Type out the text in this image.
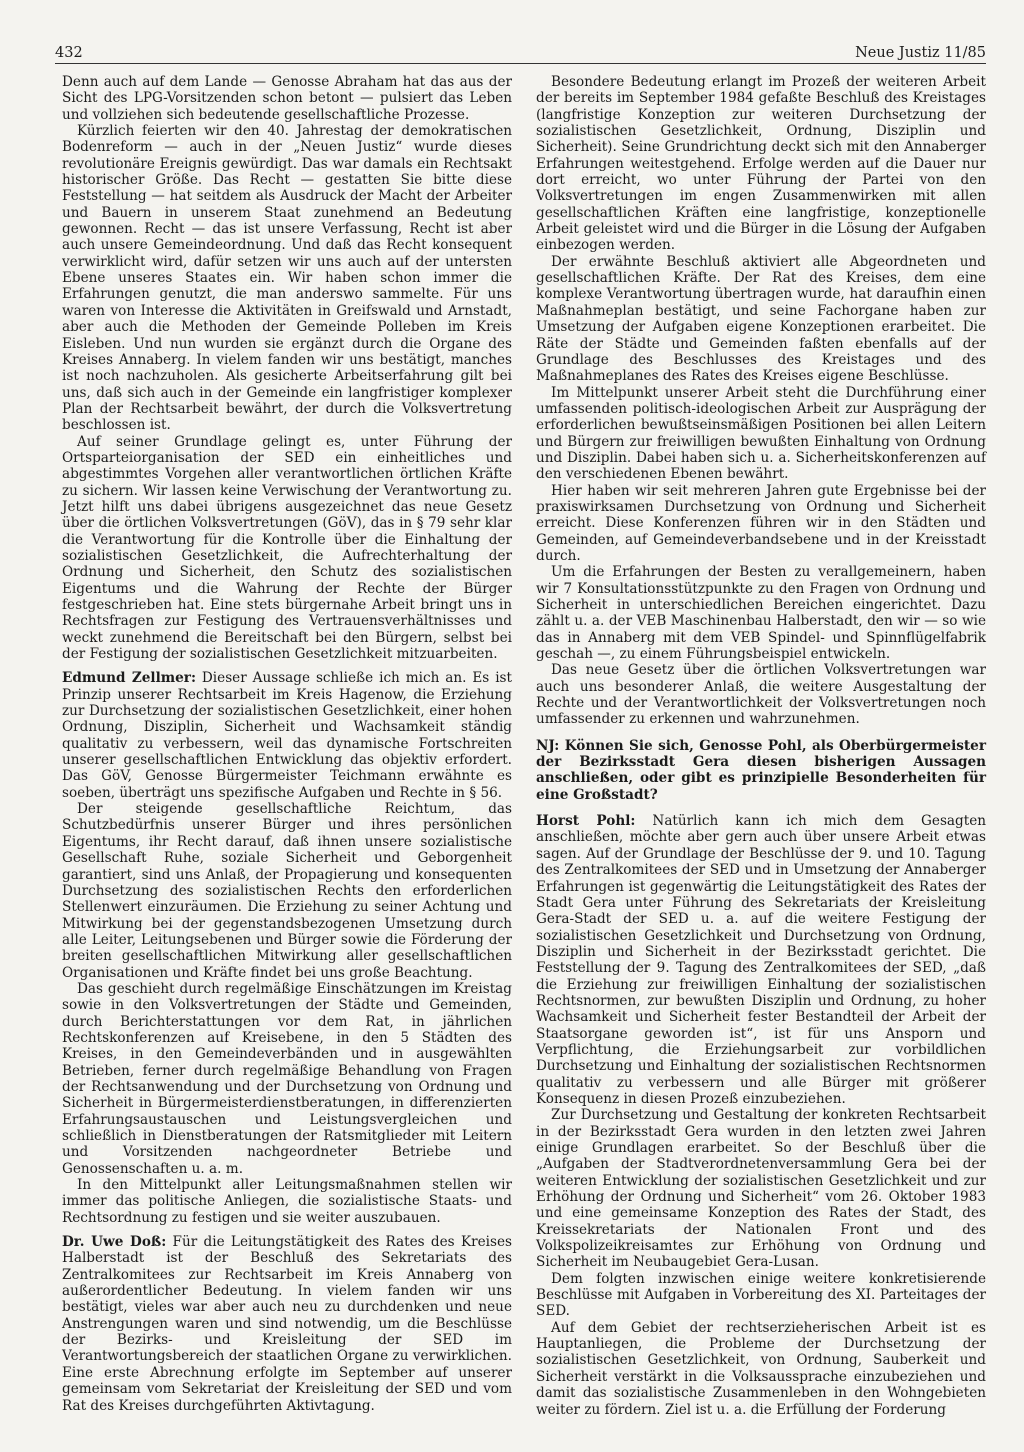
432	Neue Justiz 11/85

Denn auch auf dem Lande — Genosse Abraham hat das aus der Sicht des LPG-Vorsitzenden schon betont — pulsiert das Leben und vollziehen sich bedeutende gesellschaftliche Prozesse.

Kürzlich feierten wir den 40. Jahrestag der demokratischen Bodenreform — auch in der „Neuen Justiz“ wurde dieses revolutionäre Ereignis gewürdigt. Das war damals ein Rechtsakt historischer Größe. Das Recht — gestatten Sie bitte diese Feststellung — hat seitdem als Ausdruck der Macht der Arbeiter und Bauern in unserem Staat zunehmend an Bedeutung gewonnen. Recht — das ist unsere Verfassung, Recht ist aber auch unsere Gemeindeordnung. Und daß das Recht konsequent verwirklicht wird, dafür setzen wir uns auch auf der untersten Ebene unseres Staates ein. Wir haben schon immer die Erfahrungen genutzt, die man anderswo sammelte. Für uns waren von Interesse die Aktivitäten in Greifswald und Arnstadt, aber auch die Methoden der Gemeinde Polleben im Kreis Eisleben. Und nun wurden sie ergänzt durch die Organe des Kreises Annaberg. In vielem fanden wir uns bestätigt, manches ist noch nachzuholen. Als gesicherte Arbeitserfahrung gilt bei uns, daß sich auch in der Gemeinde ein langfristiger komplexer Plan der Rechtsarbeit bewährt, der durch die Volksvertretung beschlossen ist.

Auf seiner Grundlage gelingt es, unter Führung der Ortsparteiorganisation der SED ein einheitliches und abgestimmtes Vorgehen aller verantwortlichen örtlichen Kräfte zu sichern. Wir lassen keine Verwischung der Verantwortung zu. Jetzt hilft uns dabei übrigens ausgezeichnet das neue Gesetz über die örtlichen Volksvertretungen (GöV), das in § 79 sehr klar die Verantwortung für die Kontrolle über die Einhaltung der sozialistischen Gesetzlichkeit, die Aufrechterhaltung der Ordnung und Sicherheit, den Schutz des sozialistischen Eigentums und die Wahrung der Rechte der Bürger festgeschrieben hat. Eine stets bürgernahe Arbeit bringt uns in Rechtsfragen zur Festigung des Vertrauensverhältnisses und weckt zunehmend die Bereitschaft bei den Bürgern, selbst bei der Festigung der sozialistischen Gesetzlichkeit mitzuarbeiten.

Edmund Zellmer: Dieser Aussage schließe ich mich an. Es ist Prinzip unserer Rechtsarbeit im Kreis Hagenow, die Erziehung zur Durchsetzung der sozialistischen Gesetzlichkeit, einer hohen Ordnung, Disziplin, Sicherheit und Wachsamkeit ständig qualitativ zu verbessern, weil das dynamische Fortschreiten unserer gesellschaftlichen Entwicklung das objektiv erfordert. Das GöV, Genosse Bürgermeister Teichmann erwähnte es soeben, überträgt uns spezifische Aufgaben und Rechte in § 56.

Der steigende gesellschaftliche Reichtum, das Schutzbedürfnis unserer Bürger und ihres persönlichen Eigentums, ihr Recht darauf, daß ihnen unsere sozialistische Gesellschaft Ruhe, soziale Sicherheit und Geborgenheit garantiert, sind uns Anlaß, der Propagierung und konsequenten Durchsetzung des sozialistischen Rechts den erforderlichen Stellenwert einzuräumen. Die Erziehung zu seiner Achtung und Mitwirkung bei der gegenstandsbezogenen Umsetzung durch alle Leiter, Leitungsebenen und Bürger sowie die Förderung der breiten gesellschaftlichen Mitwirkung aller gesellschaftlichen Organisationen und Kräfte findet bei uns große Beachtung.

Das geschieht durch regelmäßige Einschätzungen im Kreistag sowie in den Volksvertretungen der Städte und Gemeinden, durch Berichterstattungen vor dem Rat, in jährlichen Rechtskonferenzen auf Kreisebene, in den 5 Städten des Kreises, in den Gemeindeverbänden und in ausgewählten Betrieben, ferner durch regelmäßige Behandlung von Fragen der Rechtsanwendung und der Durchsetzung von Ordnung und Sicherheit in Bürgermeisterdienstberatungen, in differenzierten Erfahrungsaustauschen und Leistungsvergleichen und schließlich in Dienstberatungen der Ratsmitglieder mit Leitern und Vorsitzenden nachgeordneter Betriebe und Genossenschaften u. a. m.

In den Mittelpunkt aller Leitungsmaßnahmen stellen wir immer das politische Anliegen, die sozialistische Staats- und Rechtsordnung zu festigen und sie weiter auszubauen.

Dr. Uwe Doß: Für die Leitungstätigkeit des Rates des Kreises Halberstadt ist der Beschluß des Sekretariats des Zentralkomitees zur Rechtsarbeit im Kreis Annaberg von außerordentlicher Bedeutung. In vielem fanden wir uns bestätigt, vieles war aber auch neu zu durchdenken und neue Anstrengungen waren und sind notwendig, um die Beschlüsse der Bezirks- und Kreisleitung der SED im Verantwortungsbereich der staatlichen Organe zu verwirklichen. Eine erste Abrechnung erfolgte im September auf unserer gemeinsam vom Sekretariat der Kreisleitung der SED und vom Rat des Kreises durchgeführten Aktivtagung.

Besondere Bedeutung erlangt im Prozeß der weiteren Arbeit der bereits im September 1984 gefaßte Beschluß des Kreistages (langfristige Konzeption zur weiteren Durchsetzung der sozialistischen Gesetzlichkeit, Ordnung, Disziplin und Sicherheit). Seine Grundrichtung deckt sich mit den Annaberger Erfahrungen weitestgehend. Erfolge werden auf die Dauer nur dort erreicht, wo unter Führung der Partei von den Volksvertretungen im engen Zusammenwirken mit allen gesellschaftlichen Kräften eine langfristige, konzeptionelle Arbeit geleistet wird und die Bürger in die Lösung der Aufgaben einbezogen werden.

Der erwähnte Beschluß aktiviert alle Abgeordneten und gesellschaftlichen Kräfte. Der Rat des Kreises, dem eine komplexe Verantwortung übertragen wurde, hat daraufhin einen Maßnahmeplan bestätigt, und seine Fachorgane haben zur Umsetzung der Aufgaben eigene Konzeptionen erarbeitet. Die Räte der Städte und Gemeinden faßten ebenfalls auf der Grundlage des Beschlusses des Kreistages und des Maßnahmeplanes des Rates des Kreises eigene Beschlüsse.

Im Mittelpunkt unserer Arbeit steht die Durchführung einer umfassenden politisch-ideologischen Arbeit zur Ausprägung der erforderlichen bewußtseinsmäßigen Positionen bei allen Leitern und Bürgern zur freiwilligen bewußten Einhaltung von Ordnung und Disziplin. Dabei haben sich u. a. Sicherheitskonferenzen auf den verschiedenen Ebenen bewährt.

Hier haben wir seit mehreren Jahren gute Ergebnisse bei der praxiswirksamen Durchsetzung von Ordnung und Sicherheit erreicht. Diese Konferenzen führen wir in den Städten und Gemeinden, auf Gemeindeverbandsebene und in der Kreisstadt durch.

Um die Erfahrungen der Besten zu verallgemeinern, haben wir 7 Konsultationsstützpunkte zu den Fragen von Ordnung und Sicherheit in unterschiedlichen Bereichen eingerichtet. Dazu zählt u. a. der VEB Maschinenbau Halberstadt, den wir — so wie das in Annaberg mit dem VEB Spindel- und Spinnflügelfabrik geschah —, zu einem Führungsbeispiel entwickeln.

Das neue Gesetz über die örtlichen Volksvertretungen war auch uns besonderer Anlaß, die weitere Ausgestaltung der Rechte und der Verantwortlichkeit der Volksvertretungen noch umfassender zu erkennen und wahrzunehmen.

NJ: Können Sie sich, Genosse Pohl, als Oberbürgermeister der Bezirksstadt Gera diesen bisherigen Aussagen anschließen, oder gibt es prinzipielle Besonderheiten für eine Großstadt?

Horst Pohl: Natürlich kann ich mich dem Gesagten anschließen, möchte aber gern auch über unsere Arbeit etwas sagen. Auf der Grundlage der Beschlüsse der 9. und 10. Tagung des Zentralkomitees der SED und in Umsetzung der Annaberger Erfahrungen ist gegenwärtig die Leitungstätigkeit des Rates der Stadt Gera unter Führung des Sekretariats der Kreisleitung Gera-Stadt der SED u. a. auf die weitere Festigung der sozialistischen Gesetzlichkeit und Durchsetzung von Ordnung, Disziplin und Sicherheit in der Bezirksstadt gerichtet. Die Feststellung der 9. Tagung des Zentralkomitees der SED, „daß die Erziehung zur freiwilligen Einhaltung der sozialistischen Rechtsnormen, zur bewußten Disziplin und Ordnung, zu hoher Wachsamkeit und Sicherheit fester Bestandteil der Arbeit der Staatsorgane geworden ist“, ist für uns Ansporn und Verpflichtung, die Erziehungsarbeit zur vorbildlichen Durchsetzung und Einhaltung der sozialistischen Rechtsnormen qualitativ zu verbessern und alle Bürger mit größerer Konsequenz in diesen Prozeß einzubeziehen.

Zur Durchsetzung und Gestaltung der konkreten Rechtsarbeit in der Bezirksstadt Gera wurden in den letzten zwei Jahren einige Grundlagen erarbeitet. So der Beschluß über die „Aufgaben der Stadtverordnetenversammlung Gera bei der weiteren Entwicklung der sozialistischen Gesetzlichkeit und zur Erhöhung der Ordnung und Sicherheit“ vom 26. Oktober 1983 und eine gemeinsame Konzeption des Rates der Stadt, des Kreissekretariats der Nationalen Front und des Volkspolizeikreisamtes zur Erhöhung von Ordnung und Sicherheit im Neubaugebiet Gera-Lusan.

Dem folgten inzwischen einige weitere konkretisierende Beschlüsse mit Aufgaben in Vorbereitung des XI. Parteitages der SED.

Auf dem Gebiet der rechtserzieherischen Arbeit ist es Hauptanliegen, die Probleme der Durchsetzung der sozialistischen Gesetzlichkeit, von Ordnung, Sauberkeit und Sicherheit verstärkt in die Volksaussprache einzubeziehen und damit das sozialistische Zusammenleben in den Wohngebieten weiter zu fördern. Ziel ist u. a. die Erfüllung der Forderung
